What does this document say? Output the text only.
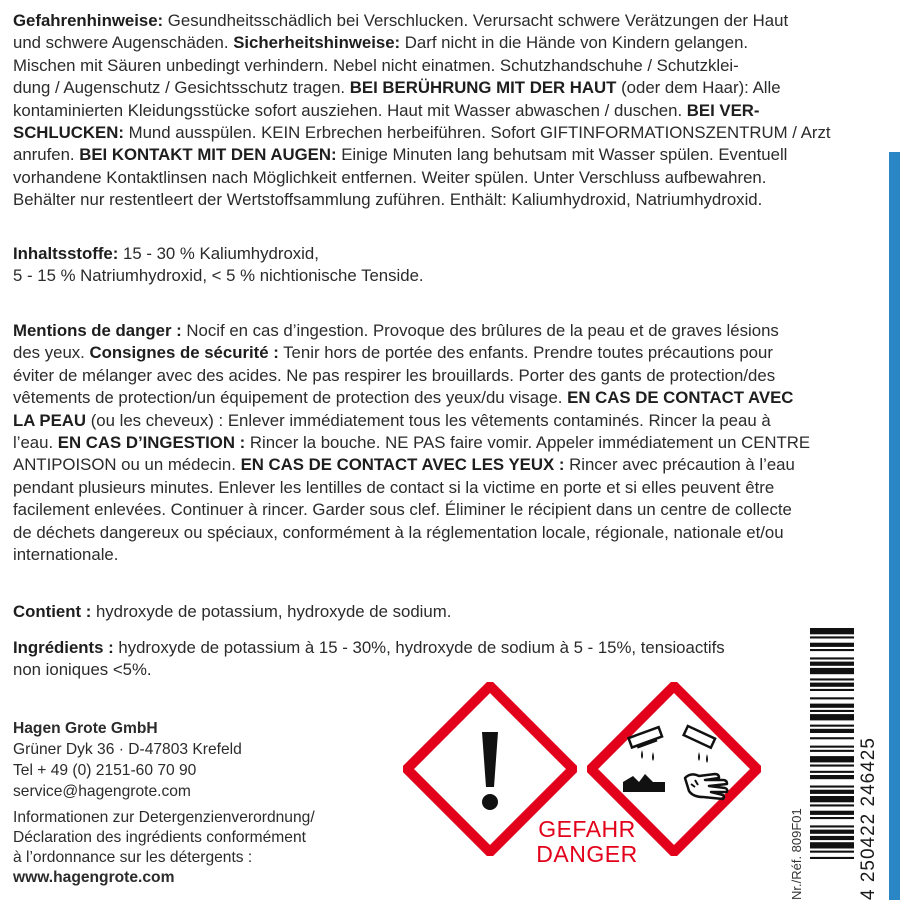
Gefahrenhinweise: Gesundheitsschädlich bei Verschlucken. Verursacht schwere Verätzungen der Haut
und schwere Augenschäden. Sicherheitshinweise: Darf nicht in die Hände von Kindern gelangen.
Mischen mit Säuren unbedingt verhindern. Nebel nicht einatmen. Schutzhandschuhe / Schutzklei-
dung / Augenschutz / Gesichtsschutz tragen. BEI BERÜHRUNG MIT DER HAUT (oder dem Haar): Alle
kontaminierten Kleidungsstücke sofort ausziehen. Haut mit Wasser abwaschen / duschen. BEI VER-
SCHLUCKEN: Mund ausspülen. KEIN Erbrechen herbeiführen. Sofort GIFTINFORMATIONSZENTRUM / Arzt
anrufen. BEI KONTAKT MIT DEN AUGEN: Einige Minuten lang behutsam mit Wasser spülen. Eventuell
vorhandene Kontaktlinsen nach Möglichkeit entfernen. Weiter spülen. Unter Verschluss aufbewahren.
Behälter nur restentleert der Wertstoffsammlung zuführen. Enthält: Kaliumhydroxid, Natriumhydroxid.
Inhaltsstoffe: 15 - 30 % Kaliumhydroxid,
5 - 15 % Natriumhydroxid, < 5 % nichtionische Tenside.
Mentions de danger : Nocif en cas d’ingestion. Provoque des brûlures de la peau et de graves lésions
des yeux. Consignes de sécurité : Tenir hors de portée des enfants. Prendre toutes précautions pour
éviter de mélanger avec des acides. Ne pas respirer les brouillards. Porter des gants de protection/des
vêtements de protection/un équipement de protection des yeux/du visage. EN CAS DE CONTACT AVEC
LA PEAU (ou les cheveux) : Enlever immédiatement tous les vêtements contaminés. Rincer la peau à
l’eau. EN CAS D’INGESTION : Rincer la bouche. NE PAS faire vomir. Appeler immédiatement un CENTRE
ANTIPOISON ou un médecin. EN CAS DE CONTACT AVEC LES YEUX : Rincer avec précaution à l’eau
pendant plusieurs minutes. Enlever les lentilles de contact si la victime en porte et si elles peuvent être
facilement enlevées. Continuer à rincer. Garder sous clef. Éliminer le récipient dans un centre de collecte
de déchets dangereux ou spéciaux, conformément à la réglementation locale, régionale, nationale et/ou
internationale.
Contient : hydroxyde de potassium, hydroxyde de sodium.
Ingrédients : hydroxyde de potassium à 15 - 30%, hydroxyde de sodium à 5 - 15%, tensioactifs
non ioniques <5%.
Hagen Grote GmbH
Grüner Dyk 36 · D-47803 Krefeld
Tel + 49 (0) 2151-60 70 90
service@hagengrote.com
Informationen zur Detergenzienverordnung/
Déclaration des ingrédients conformément
à l’ordonnance sur les détergents :
www.hagengrote.com
GEFAHR
DANGER	Nr./Réf. 809F01	4 250422 246425
